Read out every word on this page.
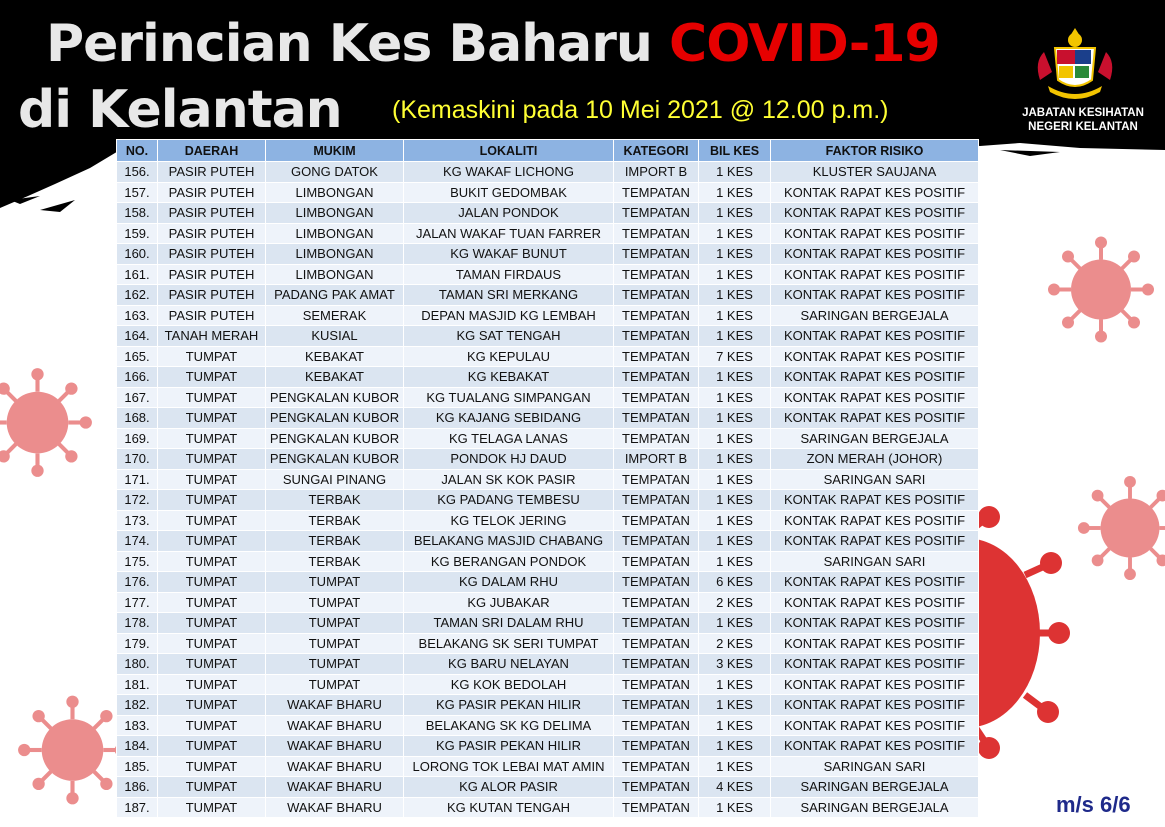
Perincian Kes Baharu COVID-19
di Kelantan (Kemaskini pada 10 Mei 2021 @ 12.00 p.m.)	JABATAN KESIHATAN
NEGERI KELANTAN
NO.	DAERAH	MUKIM	LOKALITI	KATEGORI	BIL KES	FAKTOR RISIKO
156.	PASIR PUTEH	GONG DATOK	KG WAKAF LICHONG	IMPORT B	1 KES	KLUSTER SAUJANA
157.	PASIR PUTEH	LIMBONGAN	BUKIT GEDOMBAK	TEMPATAN	1 KES	KONTAK RAPAT KES POSITIF
158.	PASIR PUTEH	LIMBONGAN	JALAN PONDOK	TEMPATAN	1 KES	KONTAK RAPAT KES POSITIF
159.	PASIR PUTEH	LIMBONGAN	JALAN WAKAF TUAN FARRER	TEMPATAN	1 KES	KONTAK RAPAT KES POSITIF
160.	PASIR PUTEH	LIMBONGAN	KG WAKAF BUNUT	TEMPATAN	1 KES	KONTAK RAPAT KES POSITIF
161.	PASIR PUTEH	LIMBONGAN	TAMAN FIRDAUS	TEMPATAN	1 KES	KONTAK RAPAT KES POSITIF
162.	PASIR PUTEH	PADANG PAK AMAT	TAMAN SRI MERKANG	TEMPATAN	1 KES	KONTAK RAPAT KES POSITIF
163.	PASIR PUTEH	SEMERAK	DEPAN MASJID KG LEMBAH	TEMPATAN	1 KES	SARINGAN BERGEJALA
164.	TANAH MERAH	KUSIAL	KG SAT TENGAH	TEMPATAN	1 KES	KONTAK RAPAT KES POSITIF
165.	TUMPAT	KEBAKAT	KG KEPULAU	TEMPATAN	7 KES	KONTAK RAPAT KES POSITIF
166.	TUMPAT	KEBAKAT	KG KEBAKAT	TEMPATAN	1 KES	KONTAK RAPAT KES POSITIF
167.	TUMPAT	PENGKALAN KUBOR	KG TUALANG SIMPANGAN	TEMPATAN	1 KES	KONTAK RAPAT KES POSITIF
168.	TUMPAT	PENGKALAN KUBOR	KG KAJANG SEBIDANG	TEMPATAN	1 KES	KONTAK RAPAT KES POSITIF
169.	TUMPAT	PENGKALAN KUBOR	KG TELAGA LANAS	TEMPATAN	1 KES	SARINGAN BERGEJALA
170.	TUMPAT	PENGKALAN KUBOR	PONDOK HJ DAUD	IMPORT B	1 KES	ZON MERAH (JOHOR)
171.	TUMPAT	SUNGAI PINANG	JALAN SK KOK PASIR	TEMPATAN	1 KES	SARINGAN SARI
172.	TUMPAT	TERBAK	KG PADANG TEMBESU	TEMPATAN	1 KES	KONTAK RAPAT KES POSITIF
173.	TUMPAT	TERBAK	KG TELOK JERING	TEMPATAN	1 KES	KONTAK RAPAT KES POSITIF
174.	TUMPAT	TERBAK	BELAKANG MASJID CHABANG	TEMPATAN	1 KES	KONTAK RAPAT KES POSITIF
175.	TUMPAT	TERBAK	KG BERANGAN PONDOK	TEMPATAN	1 KES	SARINGAN SARI
176.	TUMPAT	TUMPAT	KG DALAM RHU	TEMPATAN	6 KES	KONTAK RAPAT KES POSITIF
177.	TUMPAT	TUMPAT	KG JUBAKAR	TEMPATAN	2 KES	KONTAK RAPAT KES POSITIF
178.	TUMPAT	TUMPAT	TAMAN SRI DALAM RHU	TEMPATAN	1 KES	KONTAK RAPAT KES POSITIF
179.	TUMPAT	TUMPAT	BELAKANG SK SERI TUMPAT	TEMPATAN	2 KES	KONTAK RAPAT KES POSITIF
180.	TUMPAT	TUMPAT	KG BARU NELAYAN	TEMPATAN	3 KES	KONTAK RAPAT KES POSITIF
181.	TUMPAT	TUMPAT	KG KOK BEDOLAH	TEMPATAN	1 KES	KONTAK RAPAT KES POSITIF
182.	TUMPAT	WAKAF BHARU	KG PASIR PEKAN HILIR	TEMPATAN	1 KES	KONTAK RAPAT KES POSITIF
183.	TUMPAT	WAKAF BHARU	BELAKANG SK KG DELIMA	TEMPATAN	1 KES	KONTAK RAPAT KES POSITIF
184.	TUMPAT	WAKAF BHARU	KG PASIR PEKAN HILIR	TEMPATAN	1 KES	KONTAK RAPAT KES POSITIF
185.	TUMPAT	WAKAF BHARU	LORONG TOK LEBAI MAT AMIN	TEMPATAN	1 KES	SARINGAN SARI
186.	TUMPAT	WAKAF BHARU	KG ALOR PASIR	TEMPATAN	4 KES	SARINGAN BERGEJALA
187.	TUMPAT	WAKAF BHARU	KG KUTAN TENGAH	TEMPATAN	1 KES	SARINGAN BERGEJALA	m/s 6/6
